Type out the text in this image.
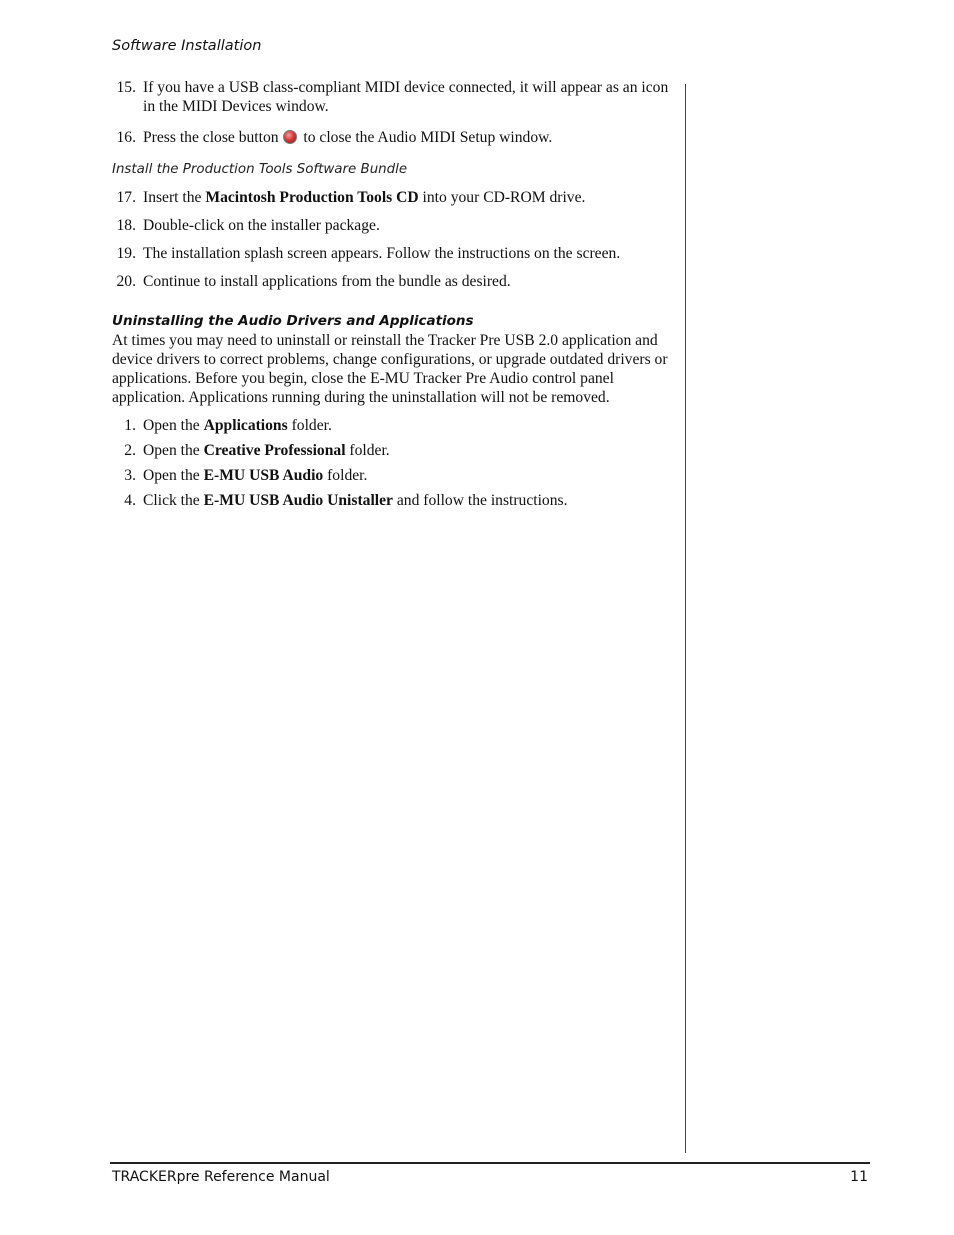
Software Installation
15. If you have a USB class-compliant MIDI device connected, it will appear as an icon in the MIDI Devices window.
16. Press the close button to close the Audio MIDI Setup window.
Install the Production Tools Software Bundle
17. Insert the Macintosh Production Tools CD into your CD-ROM drive.
18. Double-click on the installer package.
19. The installation splash screen appears. Follow the instructions on the screen.
20. Continue to install applications from the bundle as desired.
Uninstalling the Audio Drivers and Applications

At times you may need to uninstall or reinstall the Tracker Pre USB 2.0 application and device drivers to correct problems, change configurations, or upgrade outdated drivers or applications. Before you begin, close the E-MU Tracker Pre Audio control panel application. Applications running during the uninstallation will not be removed.

1. Open the Applications folder.
2. Open the Creative Professional folder.
3. Open the E-MU USB Audio folder.
4. Click the E-MU USB Audio Unistaller and follow the instructions.
TRACKERpre Reference Manual	11
